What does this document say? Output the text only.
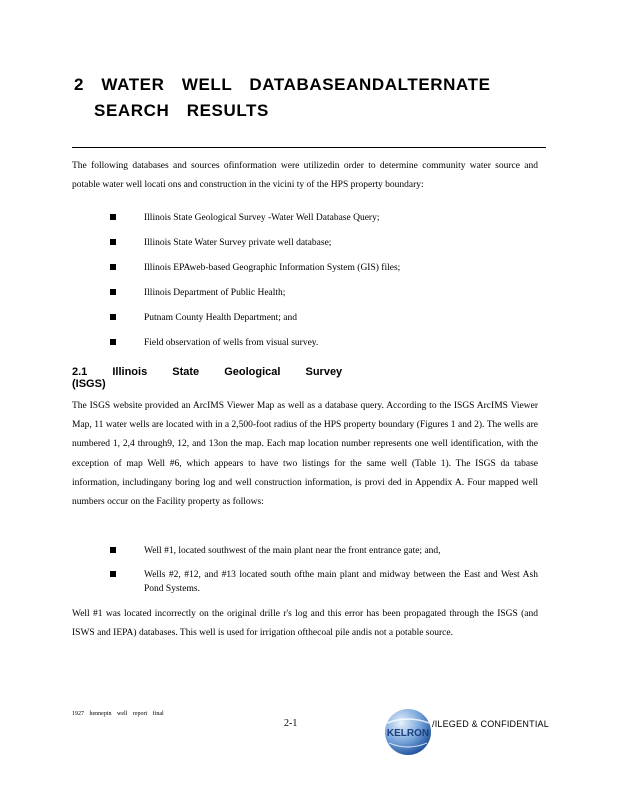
2 WATER WELL DATABASEANDALTERNATE
SEARCH RESULTS

The following databases and sources ofinformation were utilizedin order to determine community water source and potable water well locati ons and construction in the vicini ty of the HPS property boundary:

Illinois State Geological Survey -Water Well Database Query;
Illinois State Water Survey private well database;
Illinois EPAweb-based Geographic Information System (GIS) files;
Illinois Department of Public Health;
Putnam County Health Department; and
Field observation of wells from visual survey.
2.1 Illinois State Geological Survey (ISGS)

The ISGS website provided an ArcIMS Viewer Map as well as a database query. According to the ISGS ArcIMS Viewer Map, 11 water wells are located with in a 2,500-foot radius of the HPS property boundary (Figures 1 and 2). The wells are numbered 1, 2,4 through9, 12, and 13on the map. Each map location number represents one well identification, with the exception of map Well #6, which appears to have two listings for the same well (Table 1). The ISGS da tabase information, includingany boring log and well construction information, is provi ded in Appendix A. Four mapped well numbers occur on the Facility property as follows:

Well #1, located southwest of the main plant near the front entrance gate; and,
Wells #2, #12, and #13 located south ofthe main plant and midway between the East and West Ash Pond Systems.

Well #1 was located incorrectly on the original drille r's log and this error has been propagated through the ISGS (and ISWS and IEPA) databases. This well is used for irrigation ofthecoal pile andis not a potable source.

1927 hennepin well report final
2-1
KELRON
/ILEGED & CONFIDENTIAL
